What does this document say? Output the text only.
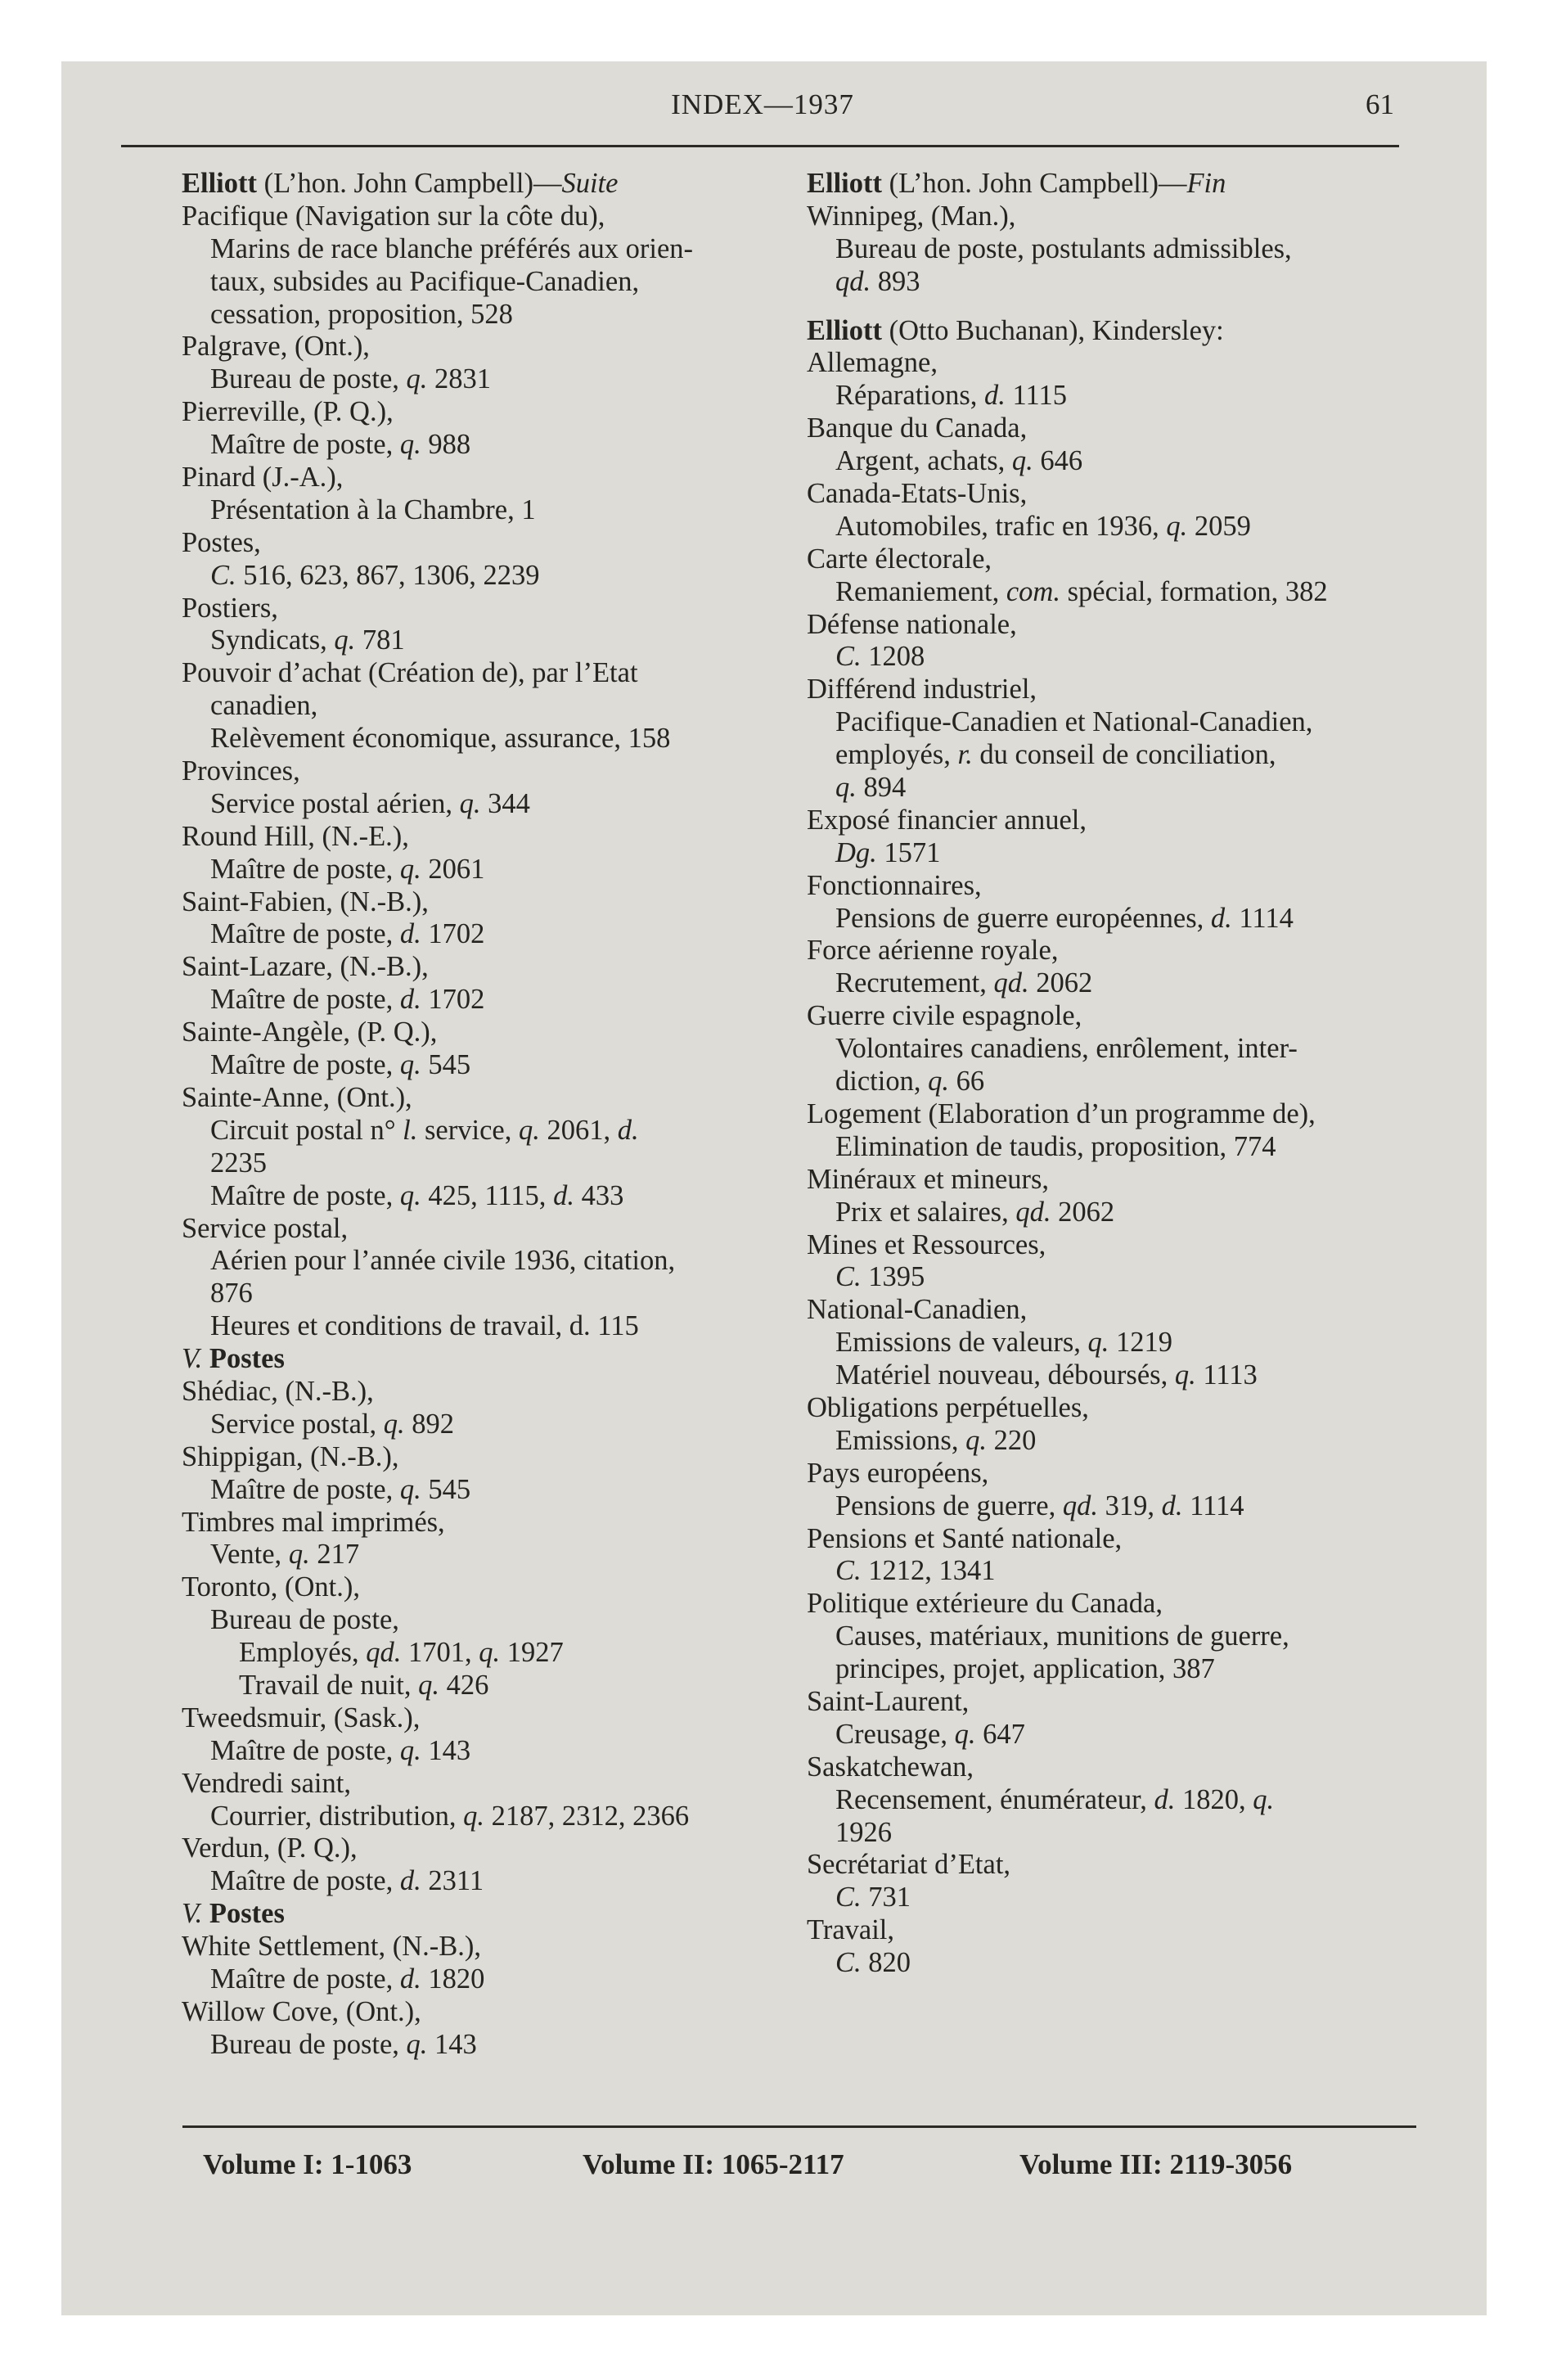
INDEX—1937	61
Elliott (L’hon. John Campbell)—Suite
Pacifique (Navigation sur la côte du),
Marins de race blanche préférés aux orien-
taux, subsides au Pacifique-Canadien,
cessation, proposition, 528
Palgrave, (Ont.),
Bureau de poste, q. 2831
Pierreville, (P. Q.),
Maître de poste, q. 988
Pinard (J.-A.),
Présentation à la Chambre, 1
Postes,
C. 516, 623, 867, 1306, 2239
Postiers,
Syndicats, q. 781
Pouvoir d’achat (Création de), par l’Etat
canadien,
Relèvement économique, assurance, 158
Provinces,
Service postal aérien, q. 344
Round Hill, (N.-E.),
Maître de poste, q. 2061
Saint-Fabien, (N.-B.),
Maître de poste, d. 1702
Saint-Lazare, (N.-B.),
Maître de poste, d. 1702
Sainte-Angèle, (P. Q.),
Maître de poste, q. 545
Sainte-Anne, (Ont.),
Circuit postal n° l. service, q. 2061, d.
2235
Maître de poste, q. 425, 1115, d. 433
Service postal,
Aérien pour l’année civile 1936, citation,
876
Heures et conditions de travail, d. 115
V. Postes
Shédiac, (N.-B.),
Service postal, q. 892
Shippigan, (N.-B.),
Maître de poste, q. 545
Timbres mal imprimés,
Vente, q. 217
Toronto, (Ont.),
Bureau de poste,
Employés, qd. 1701, q. 1927
Travail de nuit, q. 426
Tweedsmuir, (Sask.),
Maître de poste, q. 143
Vendredi saint,
Courrier, distribution, q. 2187, 2312, 2366
Verdun, (P. Q.),
Maître de poste, d. 2311
V. Postes
White Settlement, (N.-B.),
Maître de poste, d. 1820
Willow Cove, (Ont.),
Bureau de poste, q. 143
Elliott (L’hon. John Campbell)—Fin
Winnipeg, (Man.),
Bureau de poste, postulants admissibles,
qd. 893
Elliott (Otto Buchanan), Kindersley:
Allemagne,
Réparations, d. 1115
Banque du Canada,
Argent, achats, q. 646
Canada-Etats-Unis,
Automobiles, trafic en 1936, q. 2059
Carte électorale,
Remaniement, com. spécial, formation, 382
Défense nationale,
C. 1208
Différend industriel,
Pacifique-Canadien et National-Canadien,
employés, r. du conseil de conciliation,
q. 894
Exposé financier annuel,
Dg. 1571
Fonctionnaires,
Pensions de guerre européennes, d. 1114
Force aérienne royale,
Recrutement, qd. 2062
Guerre civile espagnole,
Volontaires canadiens, enrôlement, inter-
diction, q. 66
Logement (Elaboration d’un programme de),
Elimination de taudis, proposition, 774
Minéraux et mineurs,
Prix et salaires, qd. 2062
Mines et Ressources,
C. 1395
National-Canadien,
Emissions de valeurs, q. 1219
Matériel nouveau, déboursés, q. 1113
Obligations perpétuelles,
Emissions, q. 220
Pays européens,
Pensions de guerre, qd. 319, d. 1114
Pensions et Santé nationale,
C. 1212, 1341
Politique extérieure du Canada,
Causes, matériaux, munitions de guerre,
principes, projet, application, 387
Saint-Laurent,
Creusage, q. 647
Saskatchewan,
Recensement, énumérateur, d. 1820, q.
1926
Secrétariat d’Etat,
C. 731
Travail,
C. 820
Volume I: 1-1063	Volume II: 1065-2117	Volume III: 2119-3056
